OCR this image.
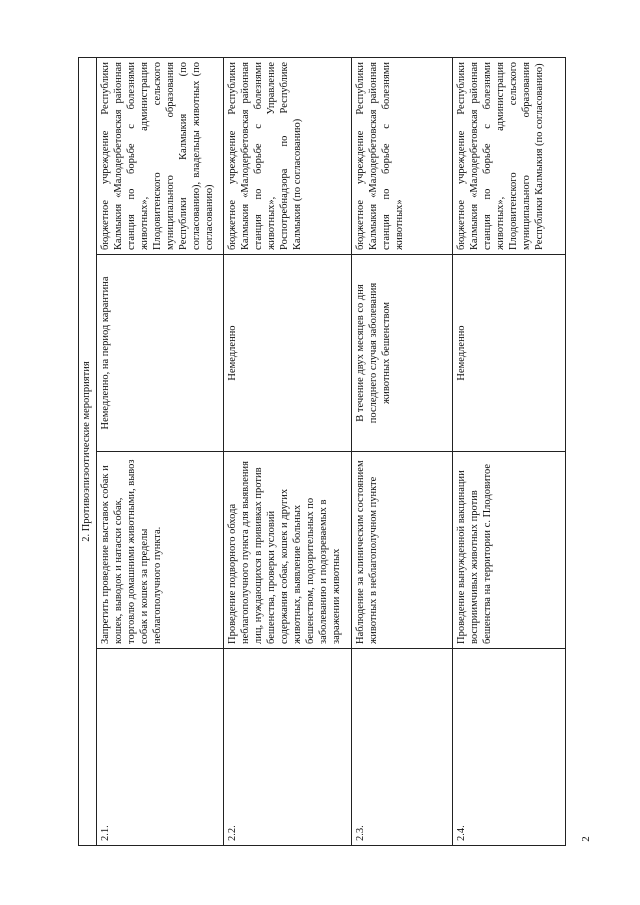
2. Противоэпизоотические мероприятия			
2.1.	Запретить проведение выставок собак и кошек, выводок и натаски собак, торговлю домашними животными, вывоз собак и кошек за пределы неблагополучного пункта.	Немедленно, на период карантина	бюджетное учреждение Республики Калмыкия «Малодербетовская районная станция по борьбе с болезнями животных», администрация Плодовитенского сельского муниципального образования Республики Калмыкия (по согласованию), владельцы животных (по согласованию)
2.2.	Проведение подворного обхода неблагополучного пункта для выявления лиц, нуждающихся в прививках против бешенства, проверки условий содержания собак, кошек и других животных, выявление больных бешенством, подозрительных по заболеванию и подозреваемых в заражении животных	Немедленно	бюджетное учреждение Республики Калмыкия «Малодербетовская районная станция по борьбе с болезнями животных», Управление Роспотребнадзора по Республике Калмыкия (по согласованию)
2.3.	Наблюдение за клиническим состоянием животных в неблагополучном пункте	В течение двух месяцев со дня последнего случая заболевания животных бешенством	бюджетное учреждение Республики Калмыкия «Малодербетовская районная станция по борьбе с болезнями животных»
2.4.	Проведение вынужденной вакцинации восприимчивых животных против бешенства на территории с. Плодовитое	Немедленно	бюджетное учреждение Республики Калмыкия «Малодербетовская районная станция по борьбе с болезнями животных», администрация Плодовитенского сельского муниципального образования Республики Калмыкия (по согласованию)
2
